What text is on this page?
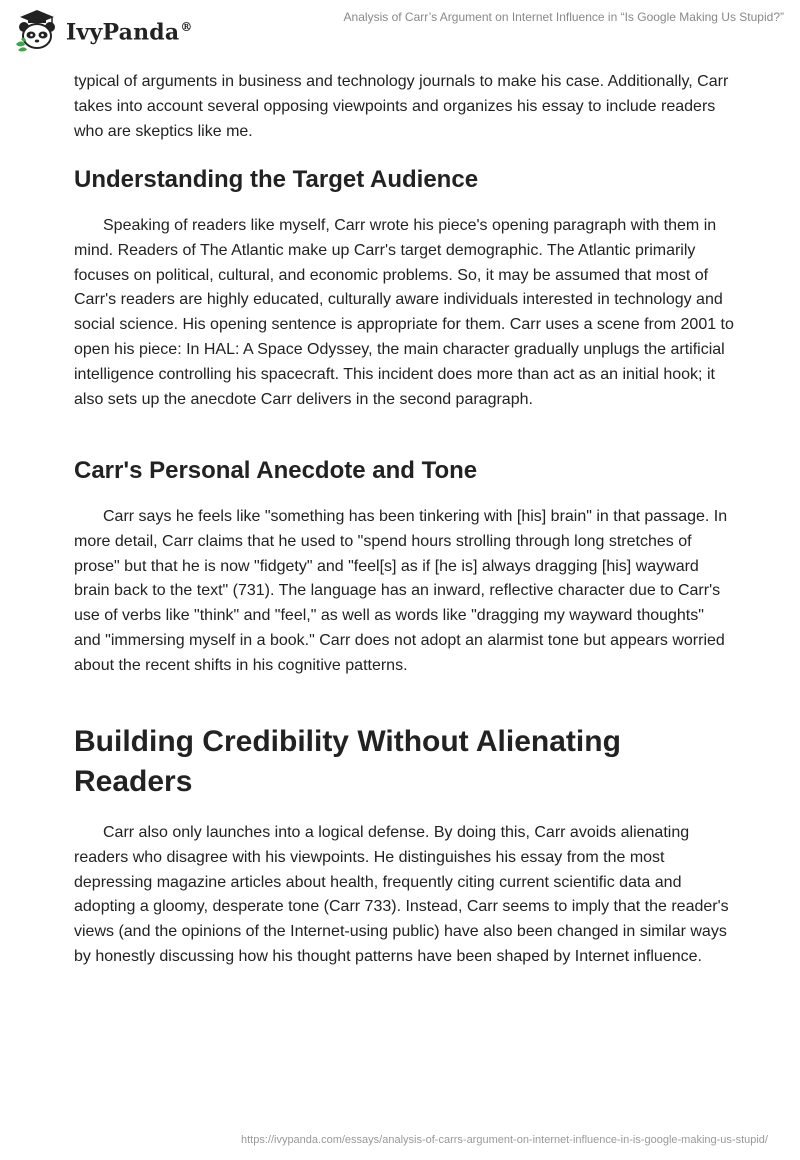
IvyPanda®
Analysis of Carr’s Argument on Internet Influence in “Is Google Making Us Stupid?”

typical of arguments in business and technology journals to make his case. Additionally, Carr takes into account several opposing viewpoints and organizes his essay to include readers who are skeptics like me.

Understanding the Target Audience

Speaking of readers like myself, Carr wrote his piece's opening paragraph with them in mind. Readers of The Atlantic make up Carr's target demographic. The Atlantic primarily focuses on political, cultural, and economic problems. So, it may be assumed that most of Carr's readers are highly educated, culturally aware individuals interested in technology and social science. His opening sentence is appropriate for them. Carr uses a scene from 2001 to open his piece: In HAL: A Space Odyssey, the main character gradually unplugs the artificial intelligence controlling his spacecraft. This incident does more than act as an initial hook; it also sets up the anecdote Carr delivers in the second paragraph.

Carr's Personal Anecdote and Tone

Carr says he feels like "something has been tinkering with [his] brain" in that passage. In more detail, Carr claims that he used to "spend hours strolling through long stretches of prose" but that he is now "fidgety" and "feel[s] as if [he is] always dragging [his] wayward brain back to the text" (731). The language has an inward, reflective character due to Carr's use of verbs like "think" and "feel," as well as words like "dragging my wayward thoughts" and "immersing myself in a book." Carr does not adopt an alarmist tone but appears worried about the recent shifts in his cognitive patterns.

Building Credibility Without Alienating Readers

Carr also only launches into a logical defense. By doing this, Carr avoids alienating readers who disagree with his viewpoints. He distinguishes his essay from the most depressing magazine articles about health, frequently citing current scientific data and adopting a gloomy, desperate tone (Carr 733). Instead, Carr seems to imply that the reader's views (and the opinions of the Internet-using public) have also been changed in similar ways by honestly discussing how his thought patterns have been shaped by Internet influence.

https://ivypanda.com/essays/analysis-of-carrs-argument-on-internet-influence-in-is-google-making-us-stupid/
